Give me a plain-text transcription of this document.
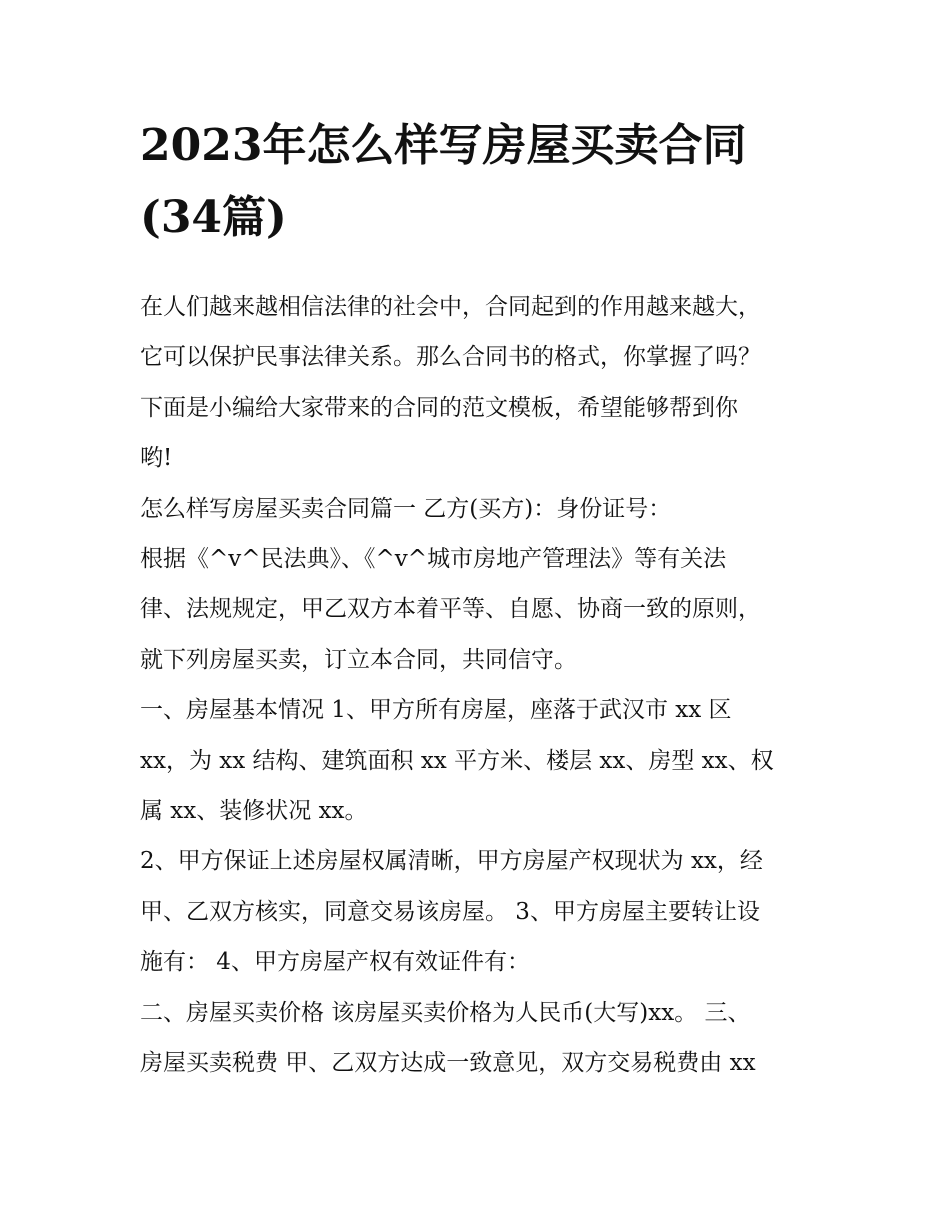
2023年怎么样写房屋买卖合同
(34篇)

在人们越来越相信法律的社会中，合同起到的作用越来越大，
它可以保护民事法律关系。那么合同书的格式，你掌握了吗？
下面是小编给大家带来的合同的范文模板，希望能够帮到你
哟!

怎么样写房屋买卖合同篇一 乙方(买方)：身份证号：

根据《^v^民法典》、《^v^城市房地产管理法》等有关法
律、法规规定，甲乙双方本着平等、自愿、协商一致的原则，
就下列房屋买卖，订立本合同，共同信守。

一、房屋基本情况 1、甲方所有房屋，座落于武汉市 xx 区
xx，为 xx 结构、建筑面积 xx 平方米、楼层 xx、房型 xx、权
属 xx、装修状况 xx。

2、甲方保证上述房屋权属清晰，甲方房屋产权现状为 xx，经
甲、乙双方核实，同意交易该房屋。 3、甲方房屋主要转让设
施有： 4、甲方房屋产权有效证件有：

二、房屋买卖价格 该房屋买卖价格为人民币(大写)xx。 三、
房屋买卖税费 甲、乙双方达成一致意见，双方交易税费由 xx
